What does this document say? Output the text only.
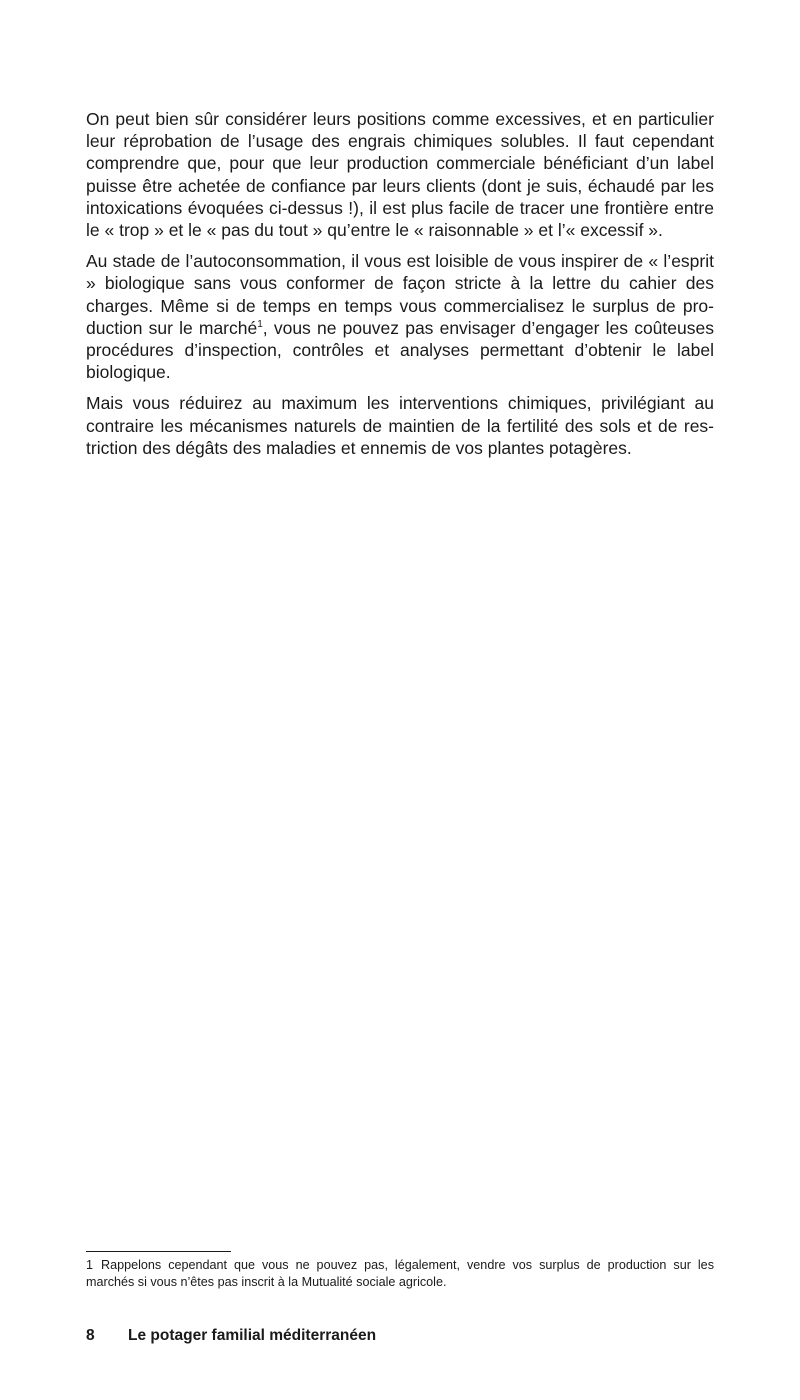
On peut bien sûr considérer leurs positions comme excessives, et en particulier leur réprobation de l’usage des engrais chimiques solubles. Il faut cependant comprendre que, pour que leur production commerciale bénéficiant d’un label puisse être achetée de confiance par leurs clients (dont je suis, échaudé par les intoxications évoquées ci-dessus !), il est plus facile de tracer une frontière entre le « trop » et le « pas du tout » qu’entre le « raisonnable » et l’« excessif ».

Au stade de l’autoconsommation, il vous est loisible de vous inspirer de « l’esprit » biologique sans vous conformer de façon stricte à la lettre du cahier des charges. Même si de temps en temps vous commercialisez le surplus de production sur le marché$^1$, vous ne pouvez pas envisager d’engager les coûteuses procédures d’inspection, contrôles et analyses permettant d’obtenir le label biologique.

Mais vous réduirez au maximum les interventions chimiques, privilégiant au contraire les mécanismes naturels de maintien de la fertilité des sols et de restriction des dégâts des maladies et ennemis de vos plantes potagères.

1 Rappelons cependant que vous ne pouvez pas, légalement, vendre vos surplus de production sur les marchés si vous n’êtes pas inscrit à la Mutualité sociale agricole.

8 Le potager familial méditerranéen
